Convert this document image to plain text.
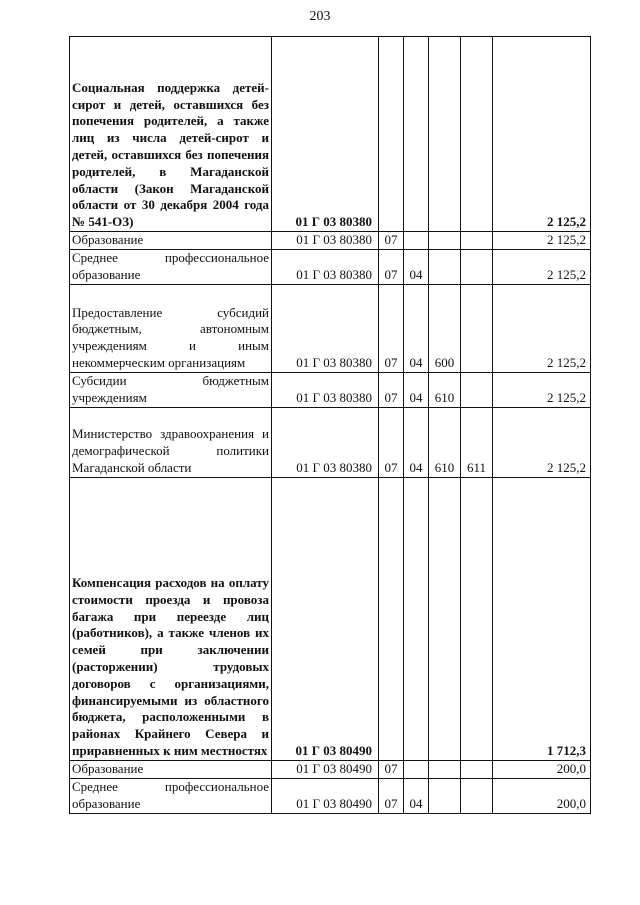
203
Социальная поддержка детей-сирот и детей, оставшихся без попечения родителей, а также лиц из числа детей-сирот и детей, оставшихся без попечения родителей, в Магаданской области (Закон Магаданской области от 30 декабря 2004 года № 541-ОЗ)	01 Г 03 80380					2 125,2
Образование	01 Г 03 80380	07				2 125,2
Среднее профессиональное образование	01 Г 03 80380	07	04			2 125,2
Предоставление субсидий бюджетным, автономным учреждениям и иным некоммерческим организациям	01 Г 03 80380	07	04	600		2 125,2
Субсидии бюджетным учреждениям	01 Г 03 80380	07	04	610		2 125,2
Министерство здравоохранения и демографической политики Магаданской области	01 Г 03 80380	07	04	610	611	2 125,2
Компенсация расходов на оплату стоимости проезда и провоза багажа при переезде лиц (работников), а также членов их семей при заключении (расторжении) трудовых договоров с организациями, финансируемыми из областного бюджета, расположенными в районах Крайнего Севера и приравненных к ним местностях	01 Г 03 80490					1 712,3
Образование	01 Г 03 80490	07				200,0
Среднее профессиональное образование	01 Г 03 80490	07	04			200,0
